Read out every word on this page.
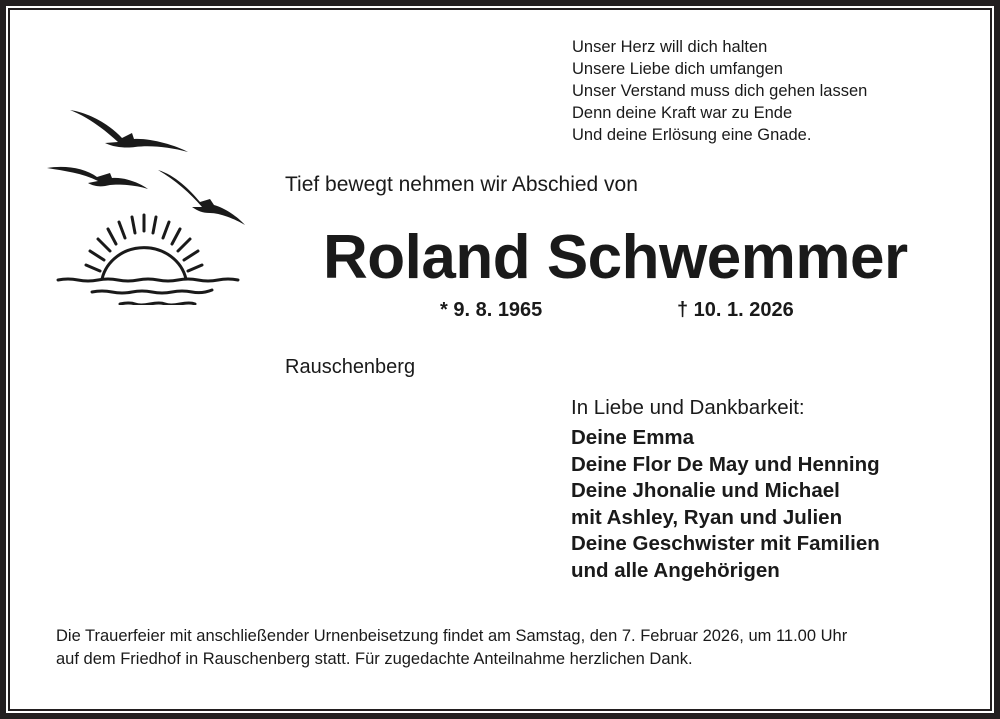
Unser Herz will dich halten
Unsere Liebe dich umfangen
Unser Verstand muss dich gehen lassen
Denn deine Kraft war zu Ende
Und deine Erlösung eine Gnade.
Tief bewegt nehmen wir Abschied von
Roland Schwemmer
* 9. 8. 1965	† 10. 1. 2026
Rauschenberg
In Liebe und Dankbarkeit:
Deine Emma
Deine Flor De May und Henning
Deine Jhonalie und Michael
mit Ashley, Ryan und Julien
Deine Geschwister mit Familien
und alle Angehörigen
Die Trauerfeier mit anschließender Urnenbeisetzung findet am Samstag, den 7. Februar 2026, um 11.00 Uhr
auf dem Friedhof in Rauschenberg statt. Für zugedachte Anteilnahme herzlichen Dank.
